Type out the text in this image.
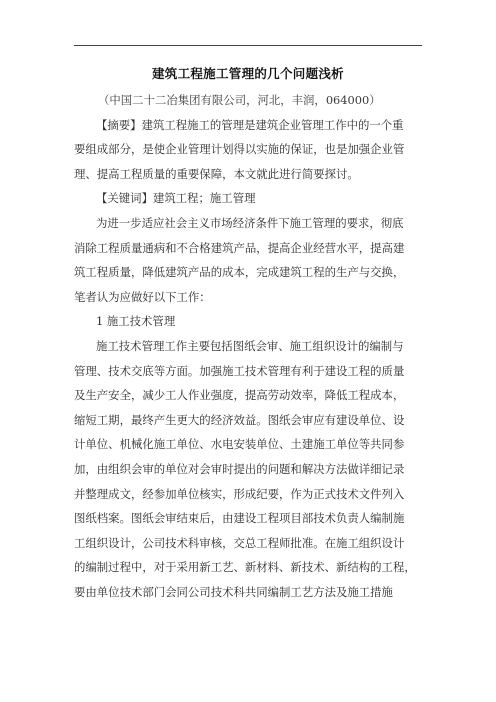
建筑工程施工管理的几个问题浅析
（中国二十二冶集团有限公司，河北，丰润，064000）
【摘要】建筑工程施工的管理是建筑企业管理工作中的一个重
要组成部分，是使企业管理计划得以实施的保证，也是加强企业管
理、提高工程质量的重要保障，本文就此进行简要探讨。
【关键词】建筑工程；施工管理
为进一步适应社会主义市场经济条件下施工管理的要求，彻底
消除工程质量通病和不合格建筑产品，提高企业经营水平，提高建
筑工程质量，降低建筑产品的成本，完成建筑工程的生产与交换，
笔者认为应做好以下工作：
1 施工技术管理
施工技术管理工作主要包括图纸会审、施工组织设计的编制与
管理、技术交底等方面。加强施工技术管理有利于建设工程的质量
及生产安全，减少工人作业强度，提高劳动效率，降低工程成本，
缩短工期，最终产生更大的经济效益。图纸会审应有建设单位、设
计单位、机械化施工单位、水电安装单位、土建施工单位等共同参
加，由组织会审的单位对会审时提出的问题和解决方法做详细记录
并整理成文，经参加单位核实，形成纪要，作为正式技术文件列入
图纸档案。图纸会审结束后，由建设工程项目部技术负责人编制施
工组织设计，公司技术科审核，交总工程师批准。在施工组织设计
的编制过程中，对于采用新工艺、新材料、新技术、新结构的工程，
要由单位技术部门会同公司技术科共同编制工艺方法及施工措施
